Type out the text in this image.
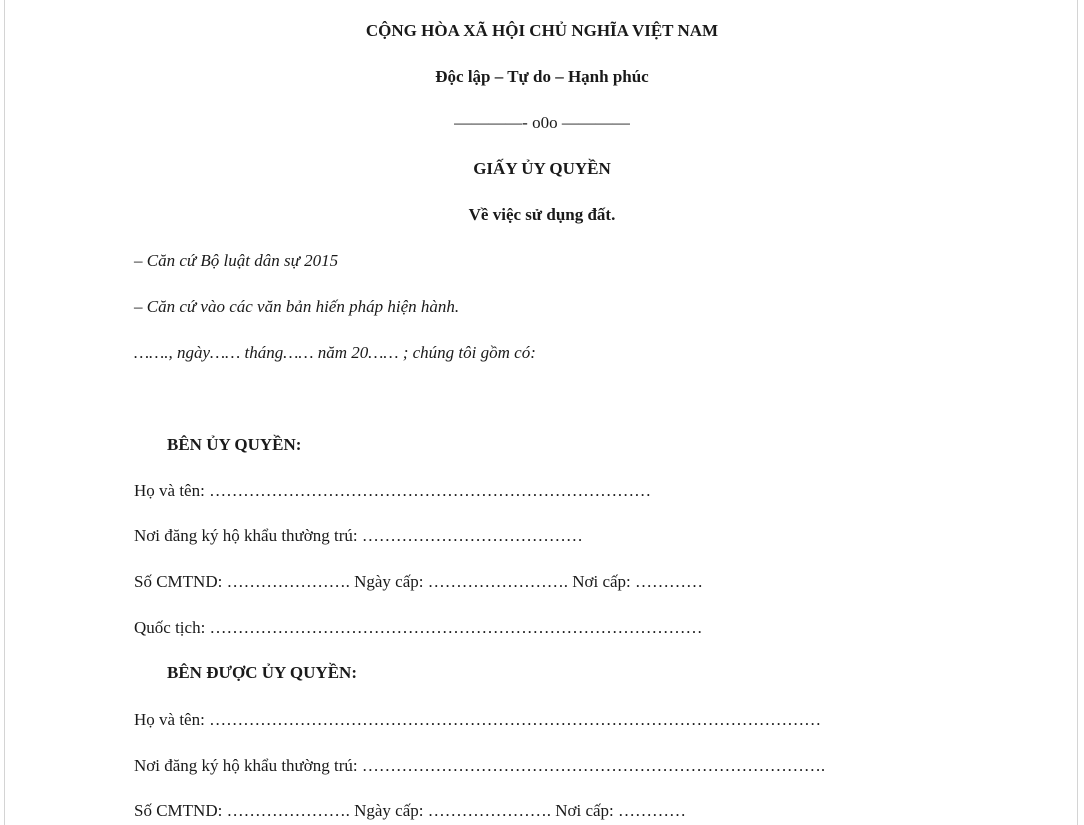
CỘNG HÒA XÃ HỘI CHỦ NGHĨA VIỆT NAM
Độc lập – Tự do – Hạnh phúc
————- o0o ————
GIẤY ỦY QUYỀN
Về việc sử dụng đất.
– Căn cứ Bộ luật dân sự 2015
– Căn cứ vào các văn bản hiến pháp hiện hành.
……., ngày…… tháng…… năm 20…… ; chúng tôi gồm có:
BÊN ỦY QUYỀN:
Họ và tên: ……………………………………………………………………
Nơi đăng ký hộ khẩu thường trú: …………………………………
Số CMTND: …………………. Ngày cấp: ……………………. Nơi cấp: …………
Quốc tịch: ……………………………………………………………………………
BÊN ĐƯỢC ỦY QUYỀN:
Họ và tên: ………………………………………………………………………………………………
Nơi đăng ký hộ khẩu thường trú: ……………………………………………………………………….
Số CMTND: …………………. Ngày cấp: …………………. Nơi cấp: …………
